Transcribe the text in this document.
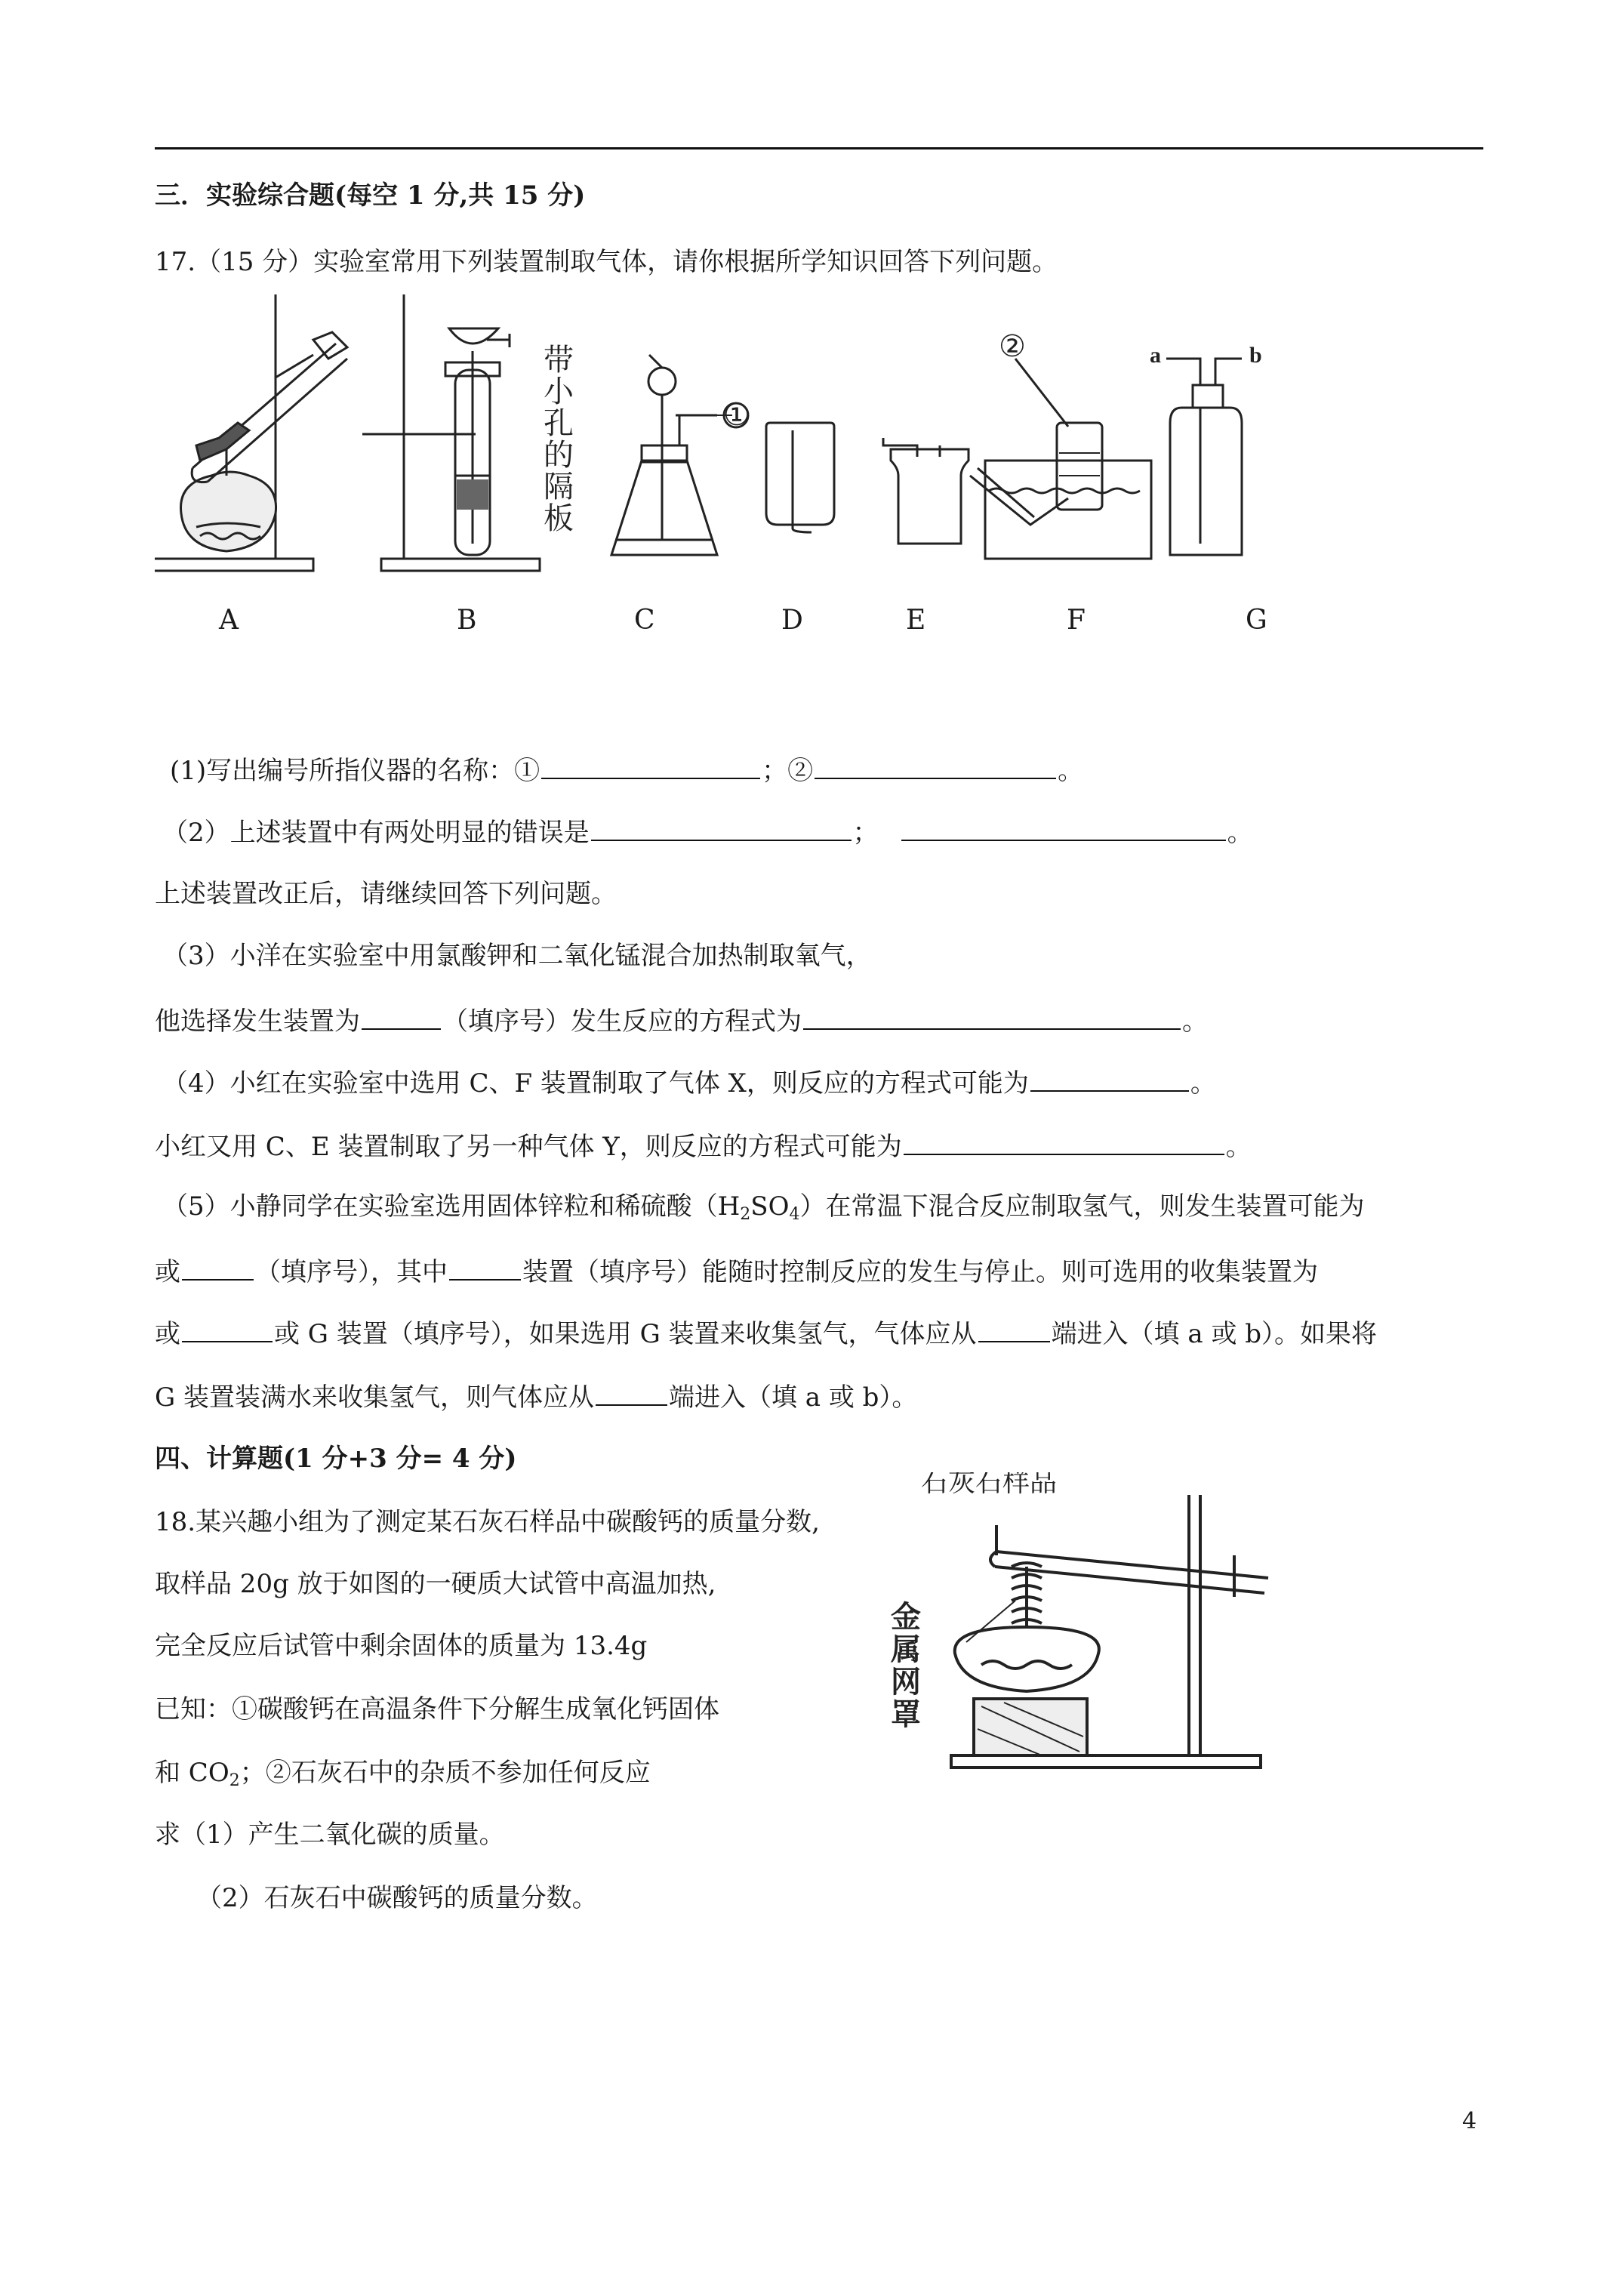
三．实验综合题(每空 1 分,共 15 分)
17.（15 分）实验室常用下列装置制取气体，请你根据所学知识回答下列问题。
②
①
a	b
带
小
孔
的
隔
板
A	B	C	D	E	F	G
(1)写出编号所指仪器的名称：①	；②	。
（2）上述装置中有两处明显的错误是	；	。
上述装置改正后，请继续回答下列问题。
（3）小洋在实验室中用氯酸钾和二氧化锰混合加热制取氧气，
他选择发生装置为	（填序号）发生反应的方程式为	。
（4）小红在实验室中选用 C、F 装置制取了气体 X，则反应的方程式可能为	。
小红又用 C、E 装置制取了另一种气体 Y，则反应的方程式可能为	。
（5）小静同学在实验室选用固体锌粒和稀硫酸$(H_2SO_4)$在常温下混合反应制取氢气，则发生装置可能为
或	（填序号），其中	装置（填序号）能随时控制反应的发生与停止。则可选用的收集装置为
或	或 G 装置（填序号），如果选用 G 装置来收集氢气，气体应从	端进入（填 a 或 b）。如果将
G 装置装满水来收集氢气，则气体应从	端进入（填 a 或 b）。
四、计算题(1 分+3 分= 4 分)
18.某兴趣小组为了测定某石灰石样品中碳酸钙的质量分数,
取样品 20g 放于如图的一硬质大试管中高温加热,
完全反应后试管中剩余固体的质量为 13.4g
已知：①碳酸钙在高温条件下分解生成氧化钙固体
和 $CO_2$；②石灰石中的杂质不参加任何反应
求（1）产生二氧化碳的质量。
（2）石灰石中碳酸钙的质量分数。
石灰石样品
金
属
网
罩
4
